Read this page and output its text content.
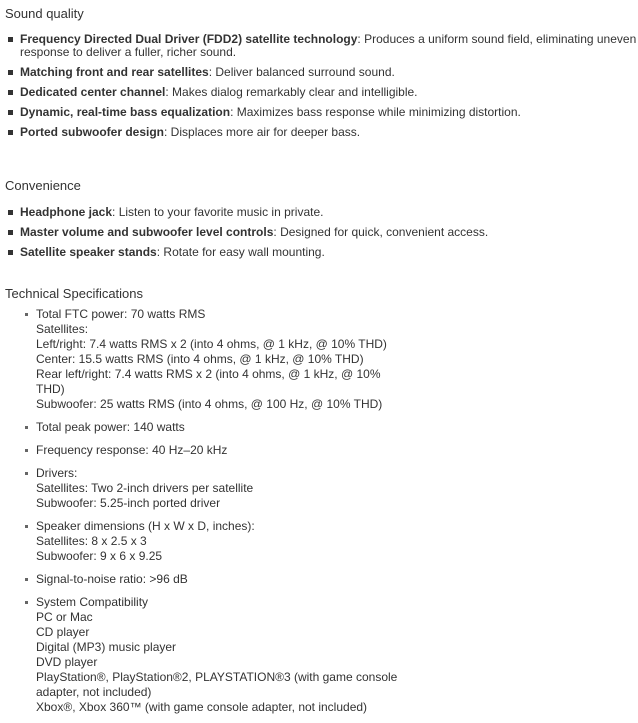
Sound quality
Frequency Directed Dual Driver (FDD2) satellite technology: Produces a uniform sound field, eliminating uneven
response to deliver a fuller, richer sound.
Matching front and rear satellites: Deliver balanced surround sound.
Dedicated center channel: Makes dialog remarkably clear and intelligible.
Dynamic, real-time bass equalization: Maximizes bass response while minimizing distortion.
Ported subwoofer design: Displaces more air for deeper bass.
Convenience
Headphone jack: Listen to your favorite music in private.
Master volume and subwoofer level controls: Designed for quick, convenient access.
Satellite speaker stands: Rotate for easy wall mounting.
Technical Specifications
Total FTC power: 70 watts RMS
Satellites:
Left/right: 7.4 watts RMS x 2 (into 4 ohms, @ 1 kHz, @ 10% THD)
Center: 15.5 watts RMS (into 4 ohms, @ 1 kHz, @ 10% THD)
Rear left/right: 7.4 watts RMS x 2 (into 4 ohms, @ 1 kHz, @ 10%
THD)
Subwoofer: 25 watts RMS (into 4 ohms, @ 100 Hz, @ 10% THD)
Total peak power: 140 watts
Frequency response: 40 Hz–20 kHz
Drivers:
Satellites: Two 2-inch drivers per satellite
Subwoofer: 5.25-inch ported driver
Speaker dimensions (H x W x D, inches):
Satellites: 8 x 2.5 x 3
Subwoofer: 9 x 6 x 9.25
Signal-to-noise ratio: >96 dB
System Compatibility
PC or Mac
CD player
Digital (MP3) music player
DVD player
PlayStation®, PlayStation®2, PLAYSTATION®3 (with game console
adapter, not included)
Xbox®, Xbox 360™ (with game console adapter, not included)
